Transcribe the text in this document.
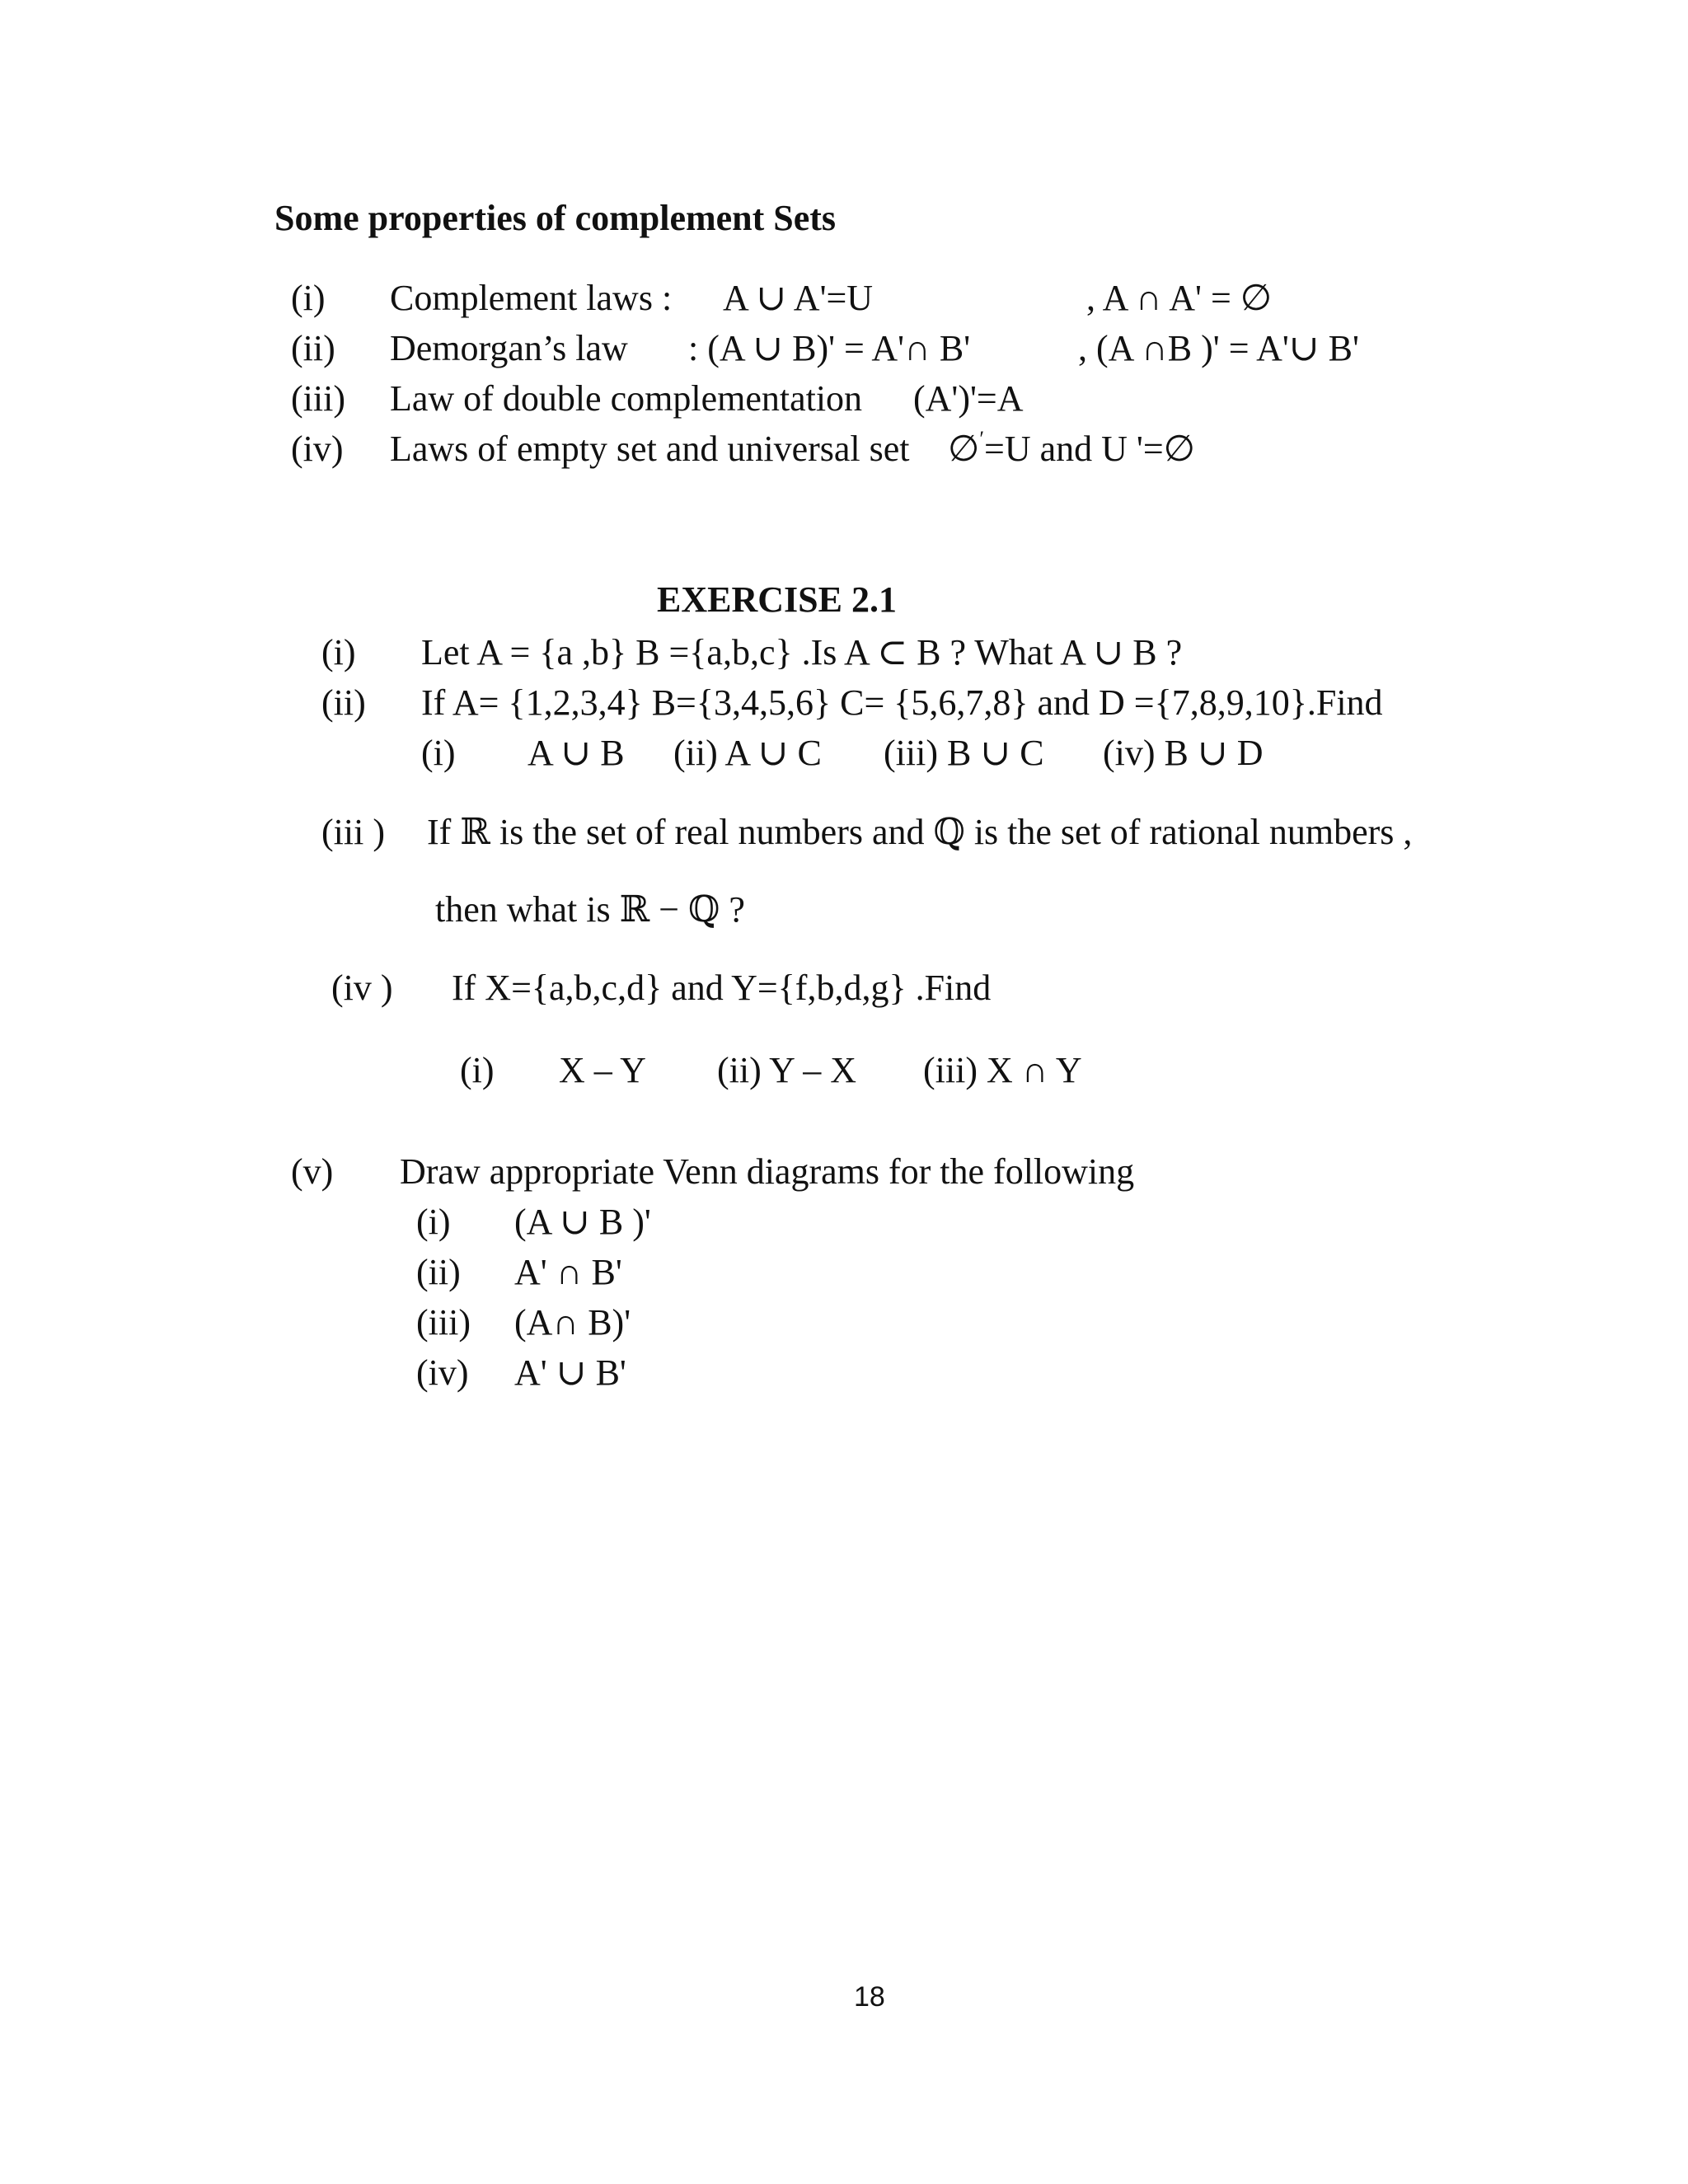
Some properties of complement Sets
(i) Complement laws : A ∪ A'=U	, A ∩ A' = ∅
(ii) Demorgan’s law : (A ∪ B)' = A'∩ B'	, (A ∩B )' = A'∪ B'
(iii) Law of double complementation (A')'=A
(iv) Laws of empty set and universal set ∅′=U and U '=∅
EXERCISE 2.1
(i) Let A = {a ,b} B ={a,b,c} .Is A ⊂ B ? What A ∪ B ?
(ii) If A= {1,2,3,4} B={3,4,5,6} C= {5,6,7,8} and D ={7,8,9,10}.Find
(i) A ∪ B (ii) A ∪ C (iii) B ∪ C (iv) B ∪ D
(iii ) If ℝ is the set of real numbers and ℚ is the set of rational numbers ,
then what is ℝ − ℚ ?
(iv ) If X={a,b,c,d} and Y={f,b,d,g} .Find
(i) X – Y (ii) Y – X (iii) X ∩ Y
(v) Draw appropriate Venn diagrams for the following
(i) (A ∪ B )'
(ii) A' ∩ B'
(iii) (A∩ B)'
(iv) A' ∪ B'
18
